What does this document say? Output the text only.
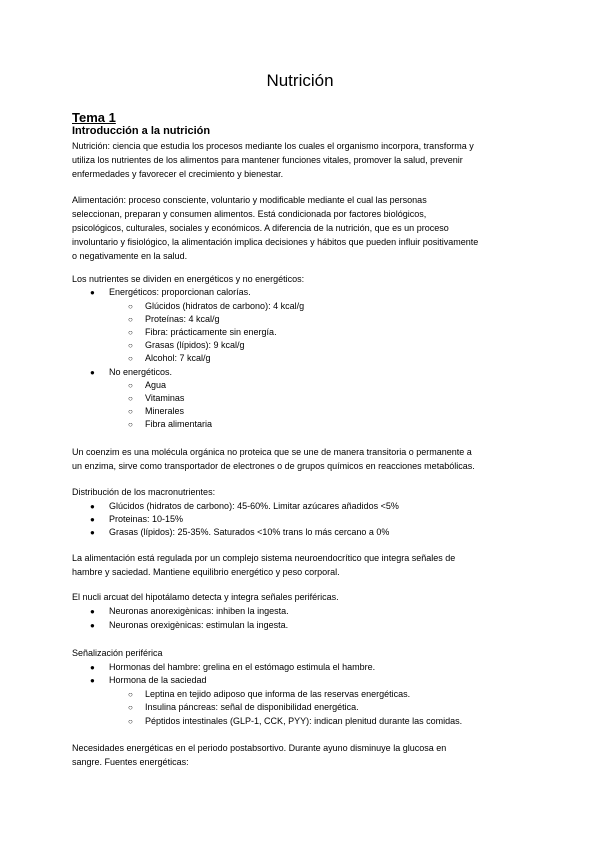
Nutrición
Tema 1
Introducción a la nutrición
Nutrición: ciencia que estudia los procesos mediante los cuales el organismo incorpora, transforma y
utiliza los nutrientes de los alimentos para mantener funciones vitales, promover la salud, prevenir
enfermedades y favorecer el crecimiento y bienestar.
Alimentación: proceso consciente, voluntario y modificable mediante el cual las personas
seleccionan, preparan y consumen alimentos. Está condicionada por factores biológicos,
psicológicos, culturales, sociales y económicos. A diferencia de la nutrición, que es un proceso
involuntario y fisiológico, la alimentación implica decisiones y hábitos que pueden influir positivamente
o negativamente en la salud.
Los nutrientes se dividen en energéticos y no energéticos:
● Energéticos: proporcionan calorías.
○ Glúcidos (hidratos de carbono): 4 kcal/g
○ Proteínas: 4 kcal/g
○ Fibra: prácticamente sin energía.
○ Grasas (lípidos): 9 kcal/g
○ Alcohol: 7 kcal/g
● No energéticos.
○ Agua
○ Vitaminas
○ Minerales
○ Fibra alimentaria
Un coenzim es una molécula orgánica no proteica que se une de manera transitoria o permanente a
un enzima, sirve como transportador de electrones o de grupos químicos en reacciones metabólicas.
Distribución de los macronutrientes:
● Glúcidos (hidratos de carbono): 45-60%. Limitar azúcares añadidos <5%
● Proteinas: 10-15%
● Grasas (lípidos): 25-35%. Saturados <10% trans lo más cercano a 0%
La alimentación está regulada por un complejo sistema neuroendocrítico que integra señales de
hambre y saciedad. Mantiene equilibrio energético y peso corporal.
El nucli arcuat del hipotálamo detecta y integra señales periféricas.
● Neuronas anorexigènicas: inhiben la ingesta.
● Neuronas orexigènicas: estimulan la ingesta.
Señalización periférica
● Hormonas del hambre: grelina en el estómago estimula el hambre.
● Hormona de la saciedad
○ Leptina en tejido adiposo que informa de las reservas energéticas.
○ Insulina páncreas: señal de disponibilidad energética.
○ Péptidos intestinales (GLP-1, CCK, PYY): indican plenitud durante las comidas.
Necesidades energéticas en el periodo postabsortivo. Durante ayuno disminuye la glucosa en
sangre. Fuentes energéticas:
